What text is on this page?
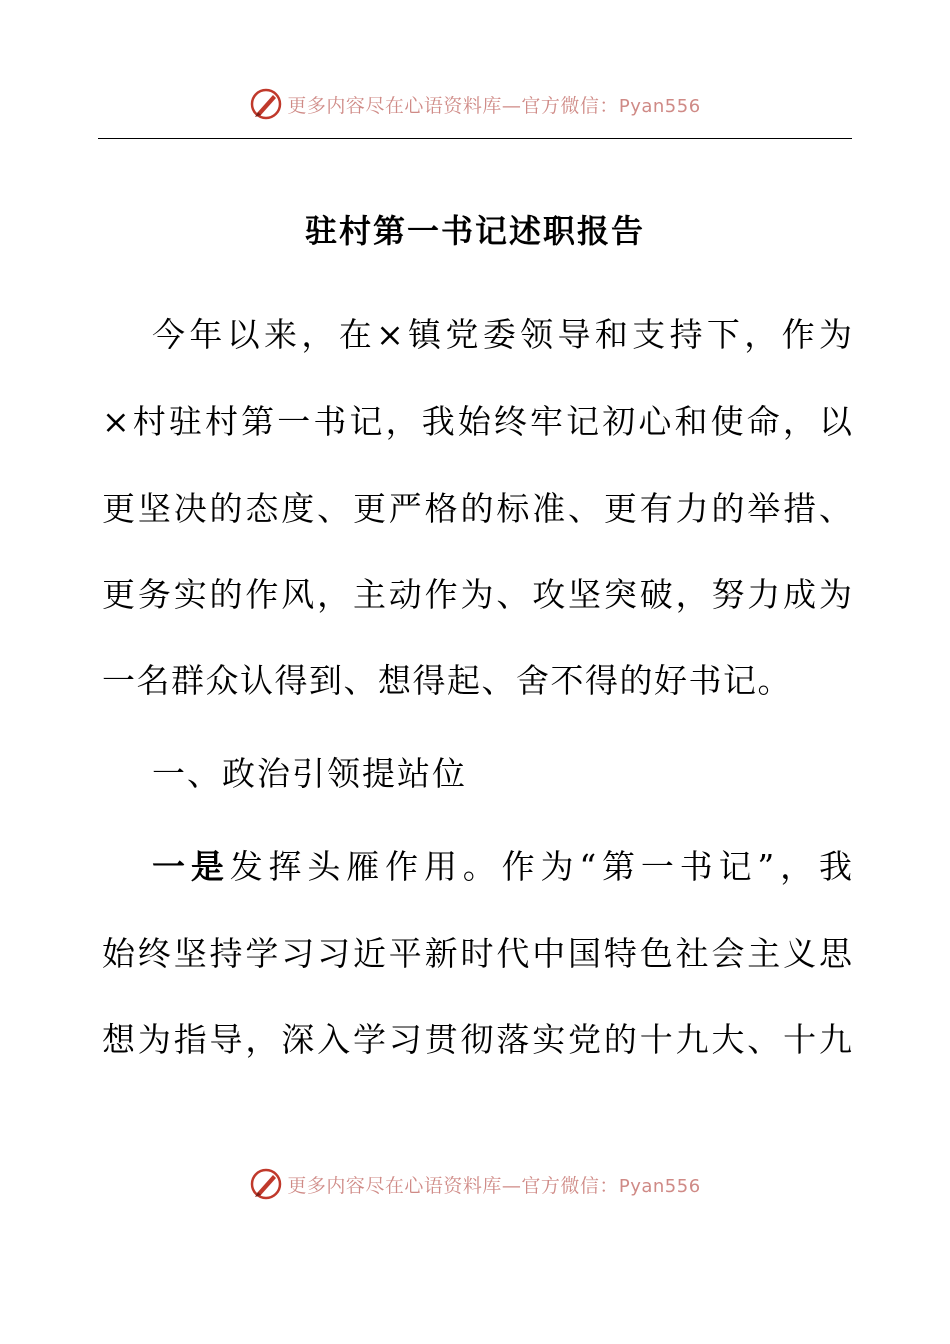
更多内容尽在心语资料库—官方微信：Pyan556
驻村第一书记述职报告
今年以来，在×镇党委领导和支持下，作为
×村驻村第一书记，我始终牢记初心和使命，以
更坚决的态度、更严格的标准、更有力的举措、
更务实的作风，主动作为、攻坚突破，努力成为
一名群众认得到、想得起、舍不得的好书记。
一、政治引领提站位
一是发挥头雁作用。作为“第一书记”，我
始终坚持学习习近平新时代中国特色社会主义思
想为指导，深入学习贯彻落实党的十九大、十九
更多内容尽在心语资料库—官方微信：Pyan556
